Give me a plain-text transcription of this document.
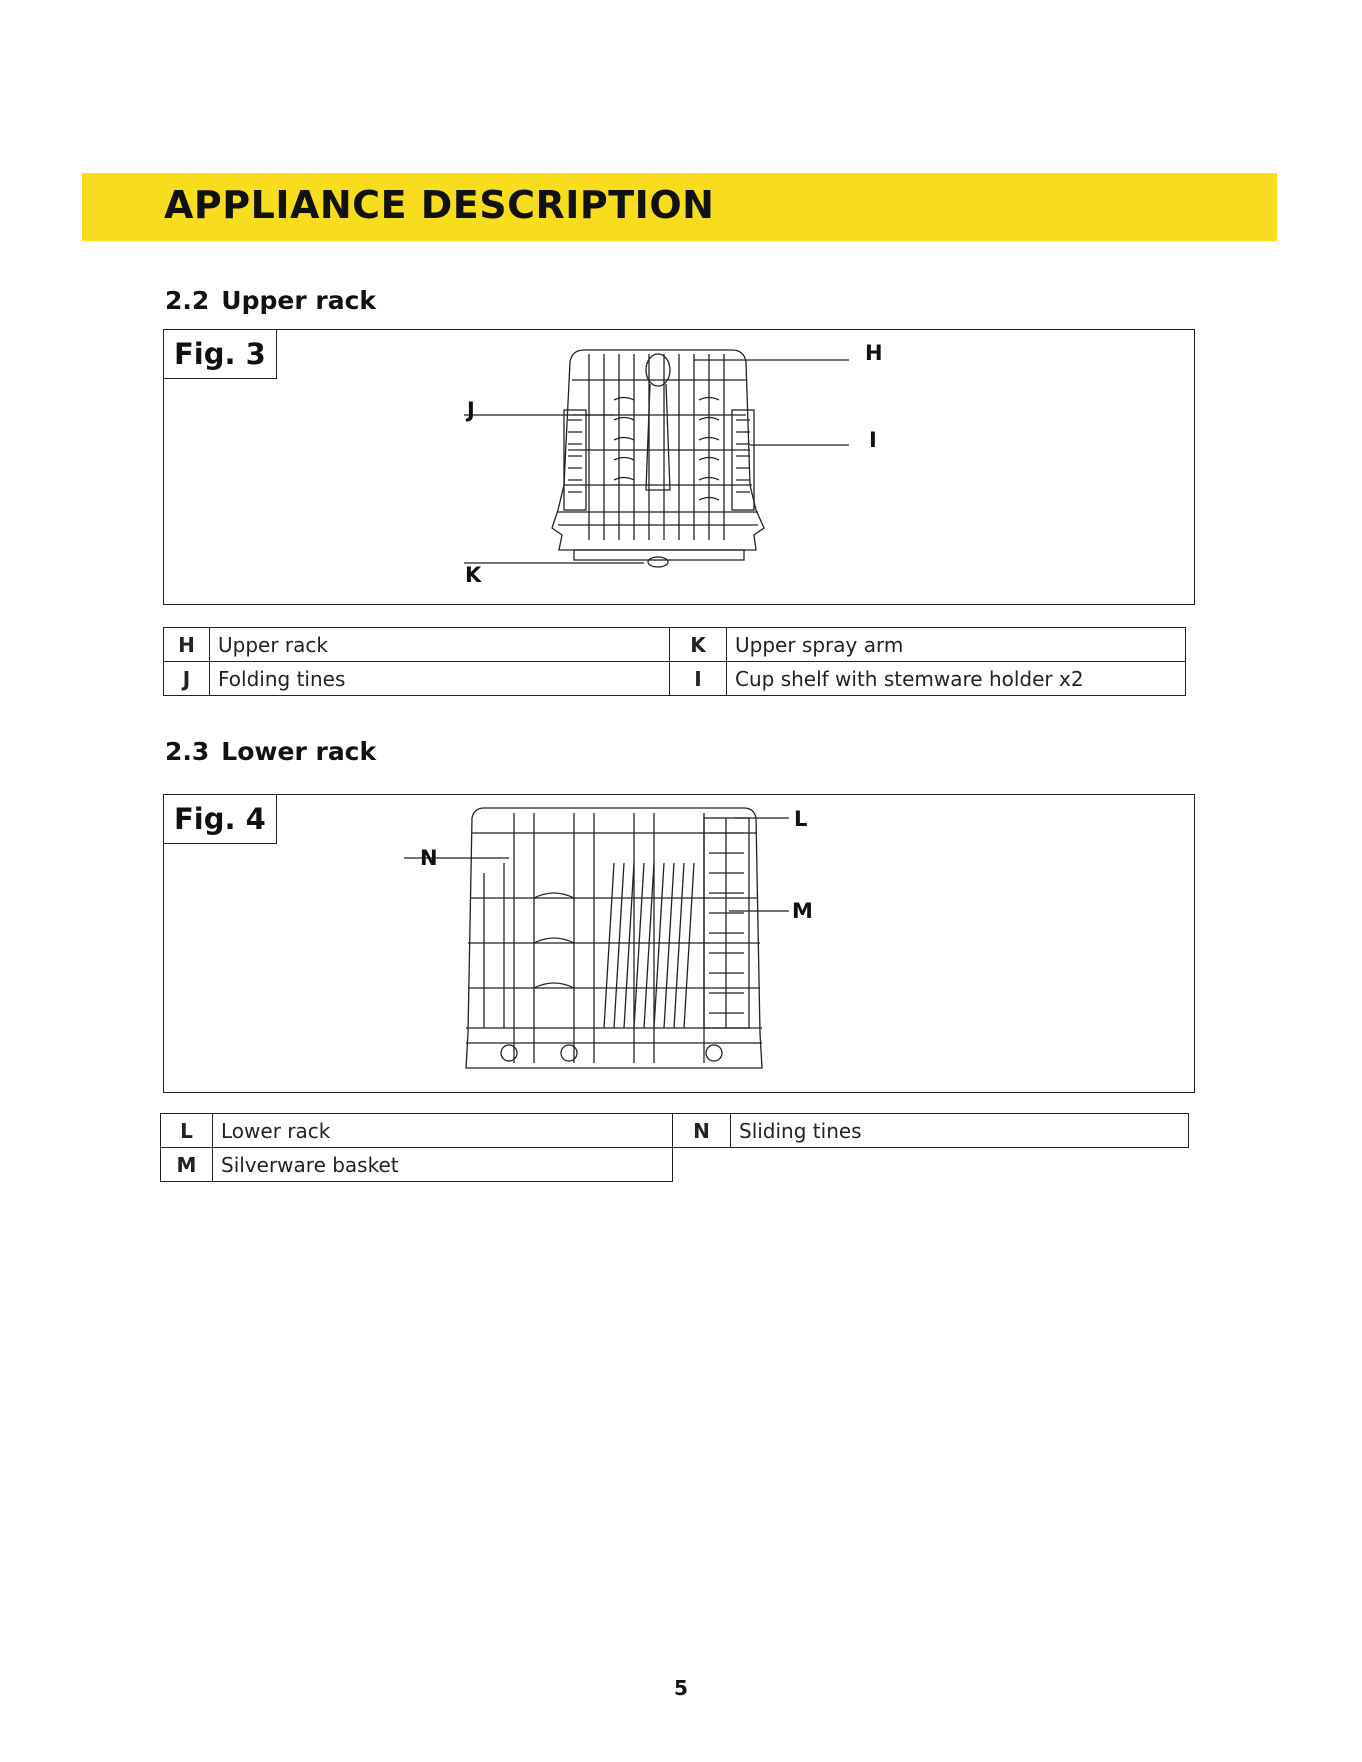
APPLIANCE DESCRIPTION
2.2 Upper rack
Fig. 3	H
I
J
K
H	Upper rack	K	Upper spray arm
J	Folding tines	I	Cup shelf with stemware holder x2
2.3 Lower rack
Fig. 4	L
M
N
L	Lower rack	N	Sliding tines
M	Silverware basket		
5
